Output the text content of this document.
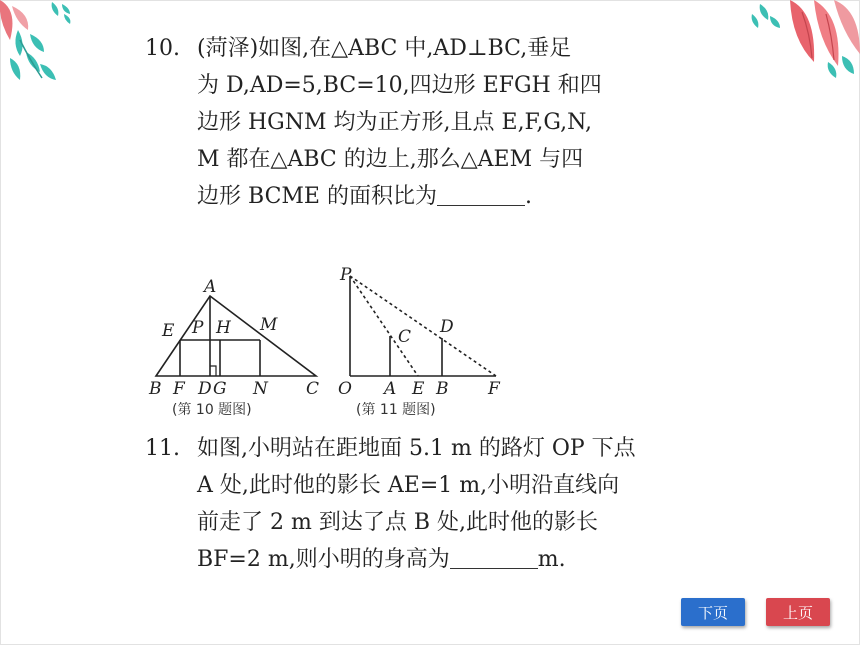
10. (菏泽)如图,在△ABC 中,AD⊥BC,垂足
为 D,AD=5,BC=10,四边形 EFGH 和四
边形 HGNM 均为正方形,且点 E,F,G,N,
M 都在△ABC 的边上,那么△AEM 与四
边形 BCME 的面积比为	.
A
E P H M
B F D G N C
P
C D
O A E B F
(第 10 题图)	(第 11 题图)
11. 如图,小明站在距地面 5.1 m 的路灯 OP 下点
A 处,此时他的影长 AE=1 m,小明沿直线向
前走了 2 m 到达了点 B 处,此时他的影长
BF=2 m,则小明的身高为	m.
下页	上页
